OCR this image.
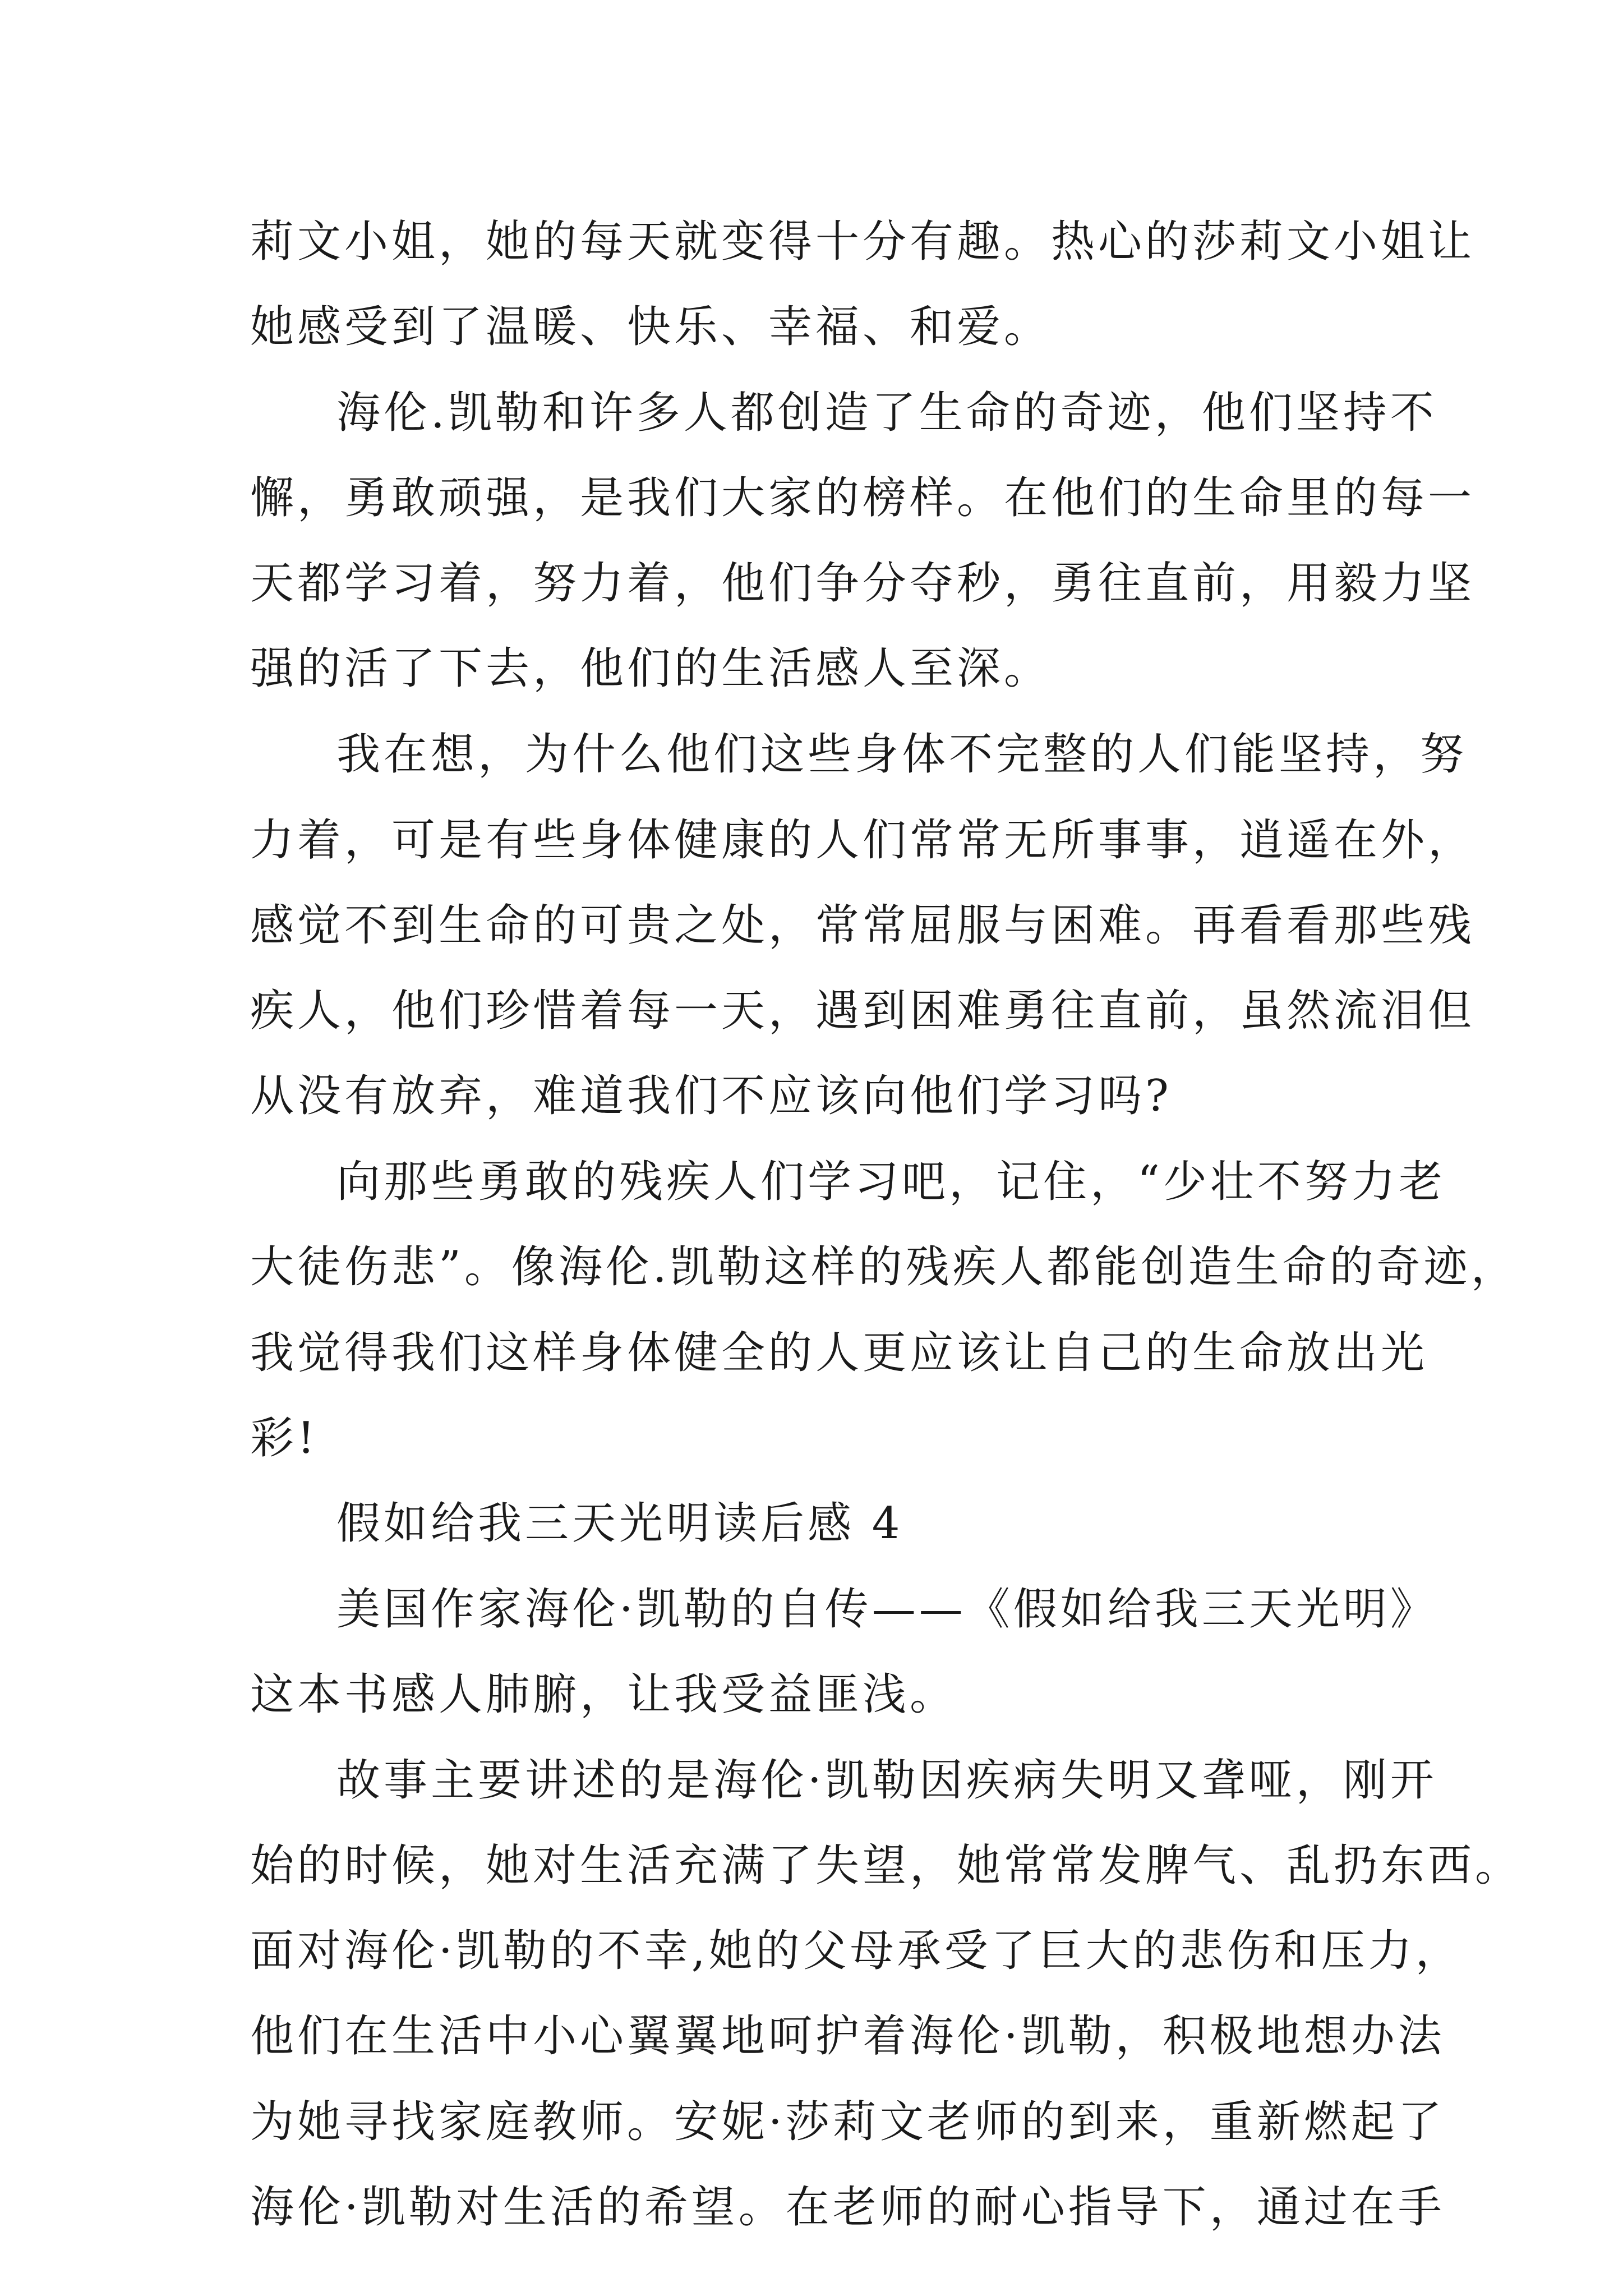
莉文小姐，她的每天就变得十分有趣。热心的莎莉文小姐让
她感受到了温暖、快乐、幸福、和爱。
海伦.凯勒和许多人都创造了生命的奇迹，他们坚持不
懈，勇敢顽强，是我们大家的榜样。在他们的生命里的每一
天都学习着，努力着，他们争分夺秒，勇往直前，用毅力坚
强的活了下去，他们的生活感人至深。
我在想，为什么他们这些身体不完整的人们能坚持，努
力着，可是有些身体健康的人们常常无所事事，逍遥在外，
感觉不到生命的可贵之处，常常屈服与困难。再看看那些残
疾人，他们珍惜着每一天，遇到困难勇往直前，虽然流泪但
从没有放弃，难道我们不应该向他们学习吗?
向那些勇敢的残疾人们学习吧，记住，“少壮不努力老
大徒伤悲”。像海伦.凯勒这样的残疾人都能创造生命的奇迹，
我觉得我们这样身体健全的人更应该让自己的生命放出光
彩!
假如给我三天光明读后感 4
美国作家海伦·凯勒的自传——《假如给我三天光明》
这本书感人肺腑，让我受益匪浅。
故事主要讲述的是海伦·凯勒因疾病失明又聋哑，刚开
始的时候，她对生活充满了失望，她常常发脾气、乱扔东西。
面对海伦·凯勒的不幸,她的父母承受了巨大的悲伤和压力，
他们在生活中小心翼翼地呵护着海伦·凯勒，积极地想办法
为她寻找家庭教师。安妮·莎莉文老师的到来，重新燃起了
海伦·凯勒对生活的希望。在老师的耐心指导下，通过在手
